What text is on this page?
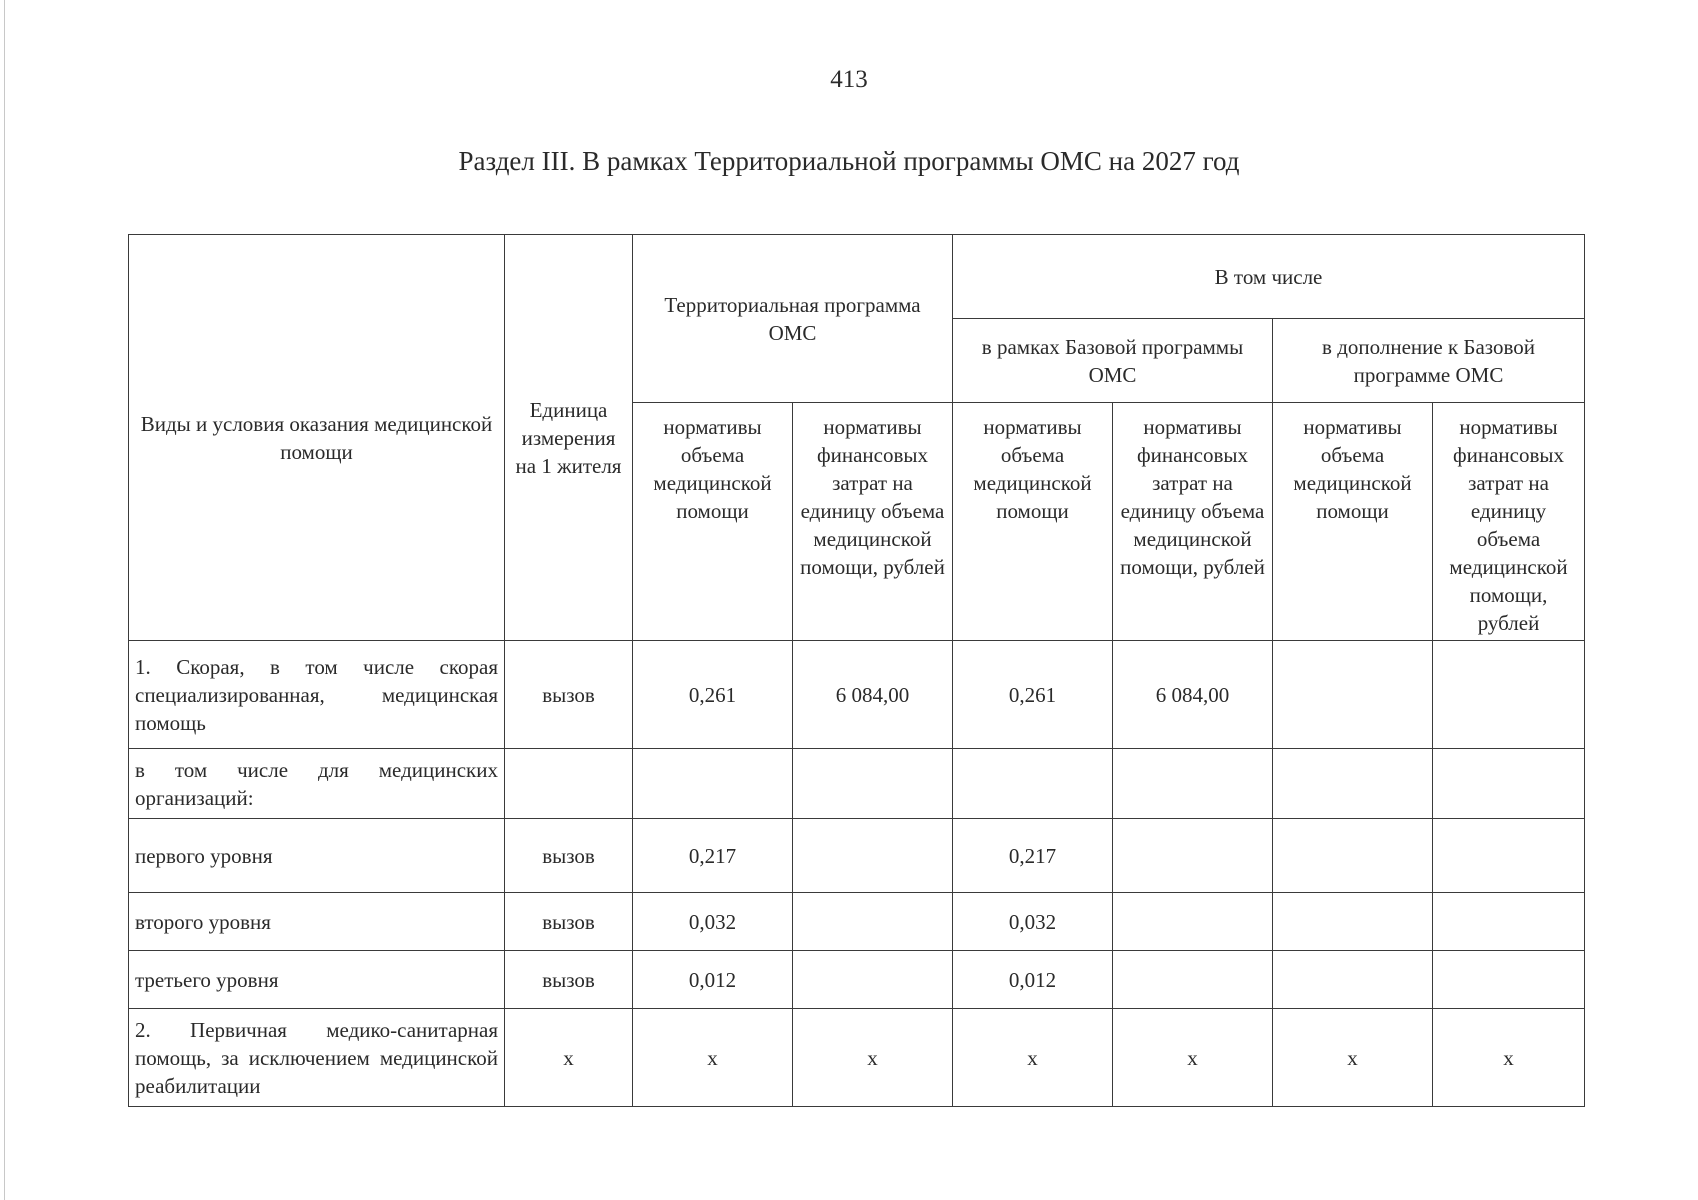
413
Раздел III. В рамках Территориальной программы ОМС на 2027 год
Виды и условия оказания медицинской помощи	Единица измерения на 1 жителя	Территориальная программа ОМС		В том числе			
				в рамках Базовой программы ОМС		в дополнение к Базовой программе ОМС	
		нормативы объема медицинской помощи	нормативы финансовых затрат на единицу объема медицинской помощи, рублей	нормативы объема медицинской помощи	нормативы финансовых затрат на единицу объема медицинской помощи, рублей	нормативы объема медицинской помощи	нормативы финансовых затрат на единицу объема медицинской помощи, рублей
1. Скорая, в том числе скорая специализированная, медицинская помощь	вызов	0,261	6 084,00	0,261	6 084,00		
в том числе для медицинских организаций:							
первого уровня	вызов	0,217		0,217			
второго уровня	вызов	0,032		0,032			
третьего уровня	вызов	0,012		0,012			
2. Первичная медико-санитарная помощь, за исключением медицинской реабилитации	х	х	х	х	х	х	х
